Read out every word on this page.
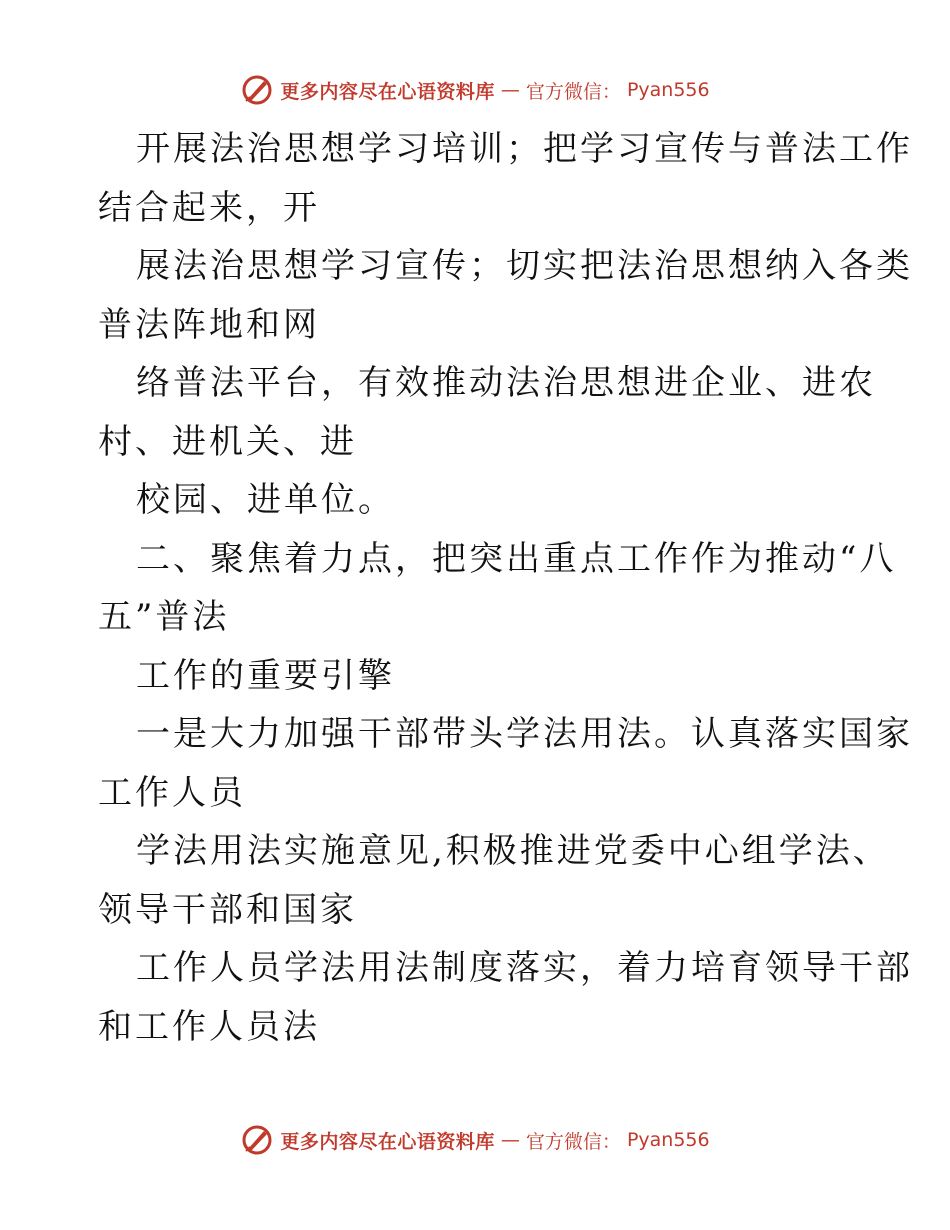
更多内容尽在心语资料库 — 官方微信： Pyan556
开展法治思想学习培训；把学习宣传与普法工作
结合起来，开
展法治思想学习宣传；切实把法治思想纳入各类
普法阵地和网
络普法平台，有效推动法治思想进企业、进农
村、进机关、进
校园、进单位。
二、聚焦着力点，把突出重点工作作为推动“八
五”普法
工作的重要引擎
一是大力加强干部带头学法用法。认真落实国家
工作人员
学法用法实施意见,积极推进党委中心组学法、
领导干部和国家
工作人员学法用法制度落实，着力培育领导干部
和工作人员法
更多内容尽在心语资料库 — 官方微信： Pyan556
